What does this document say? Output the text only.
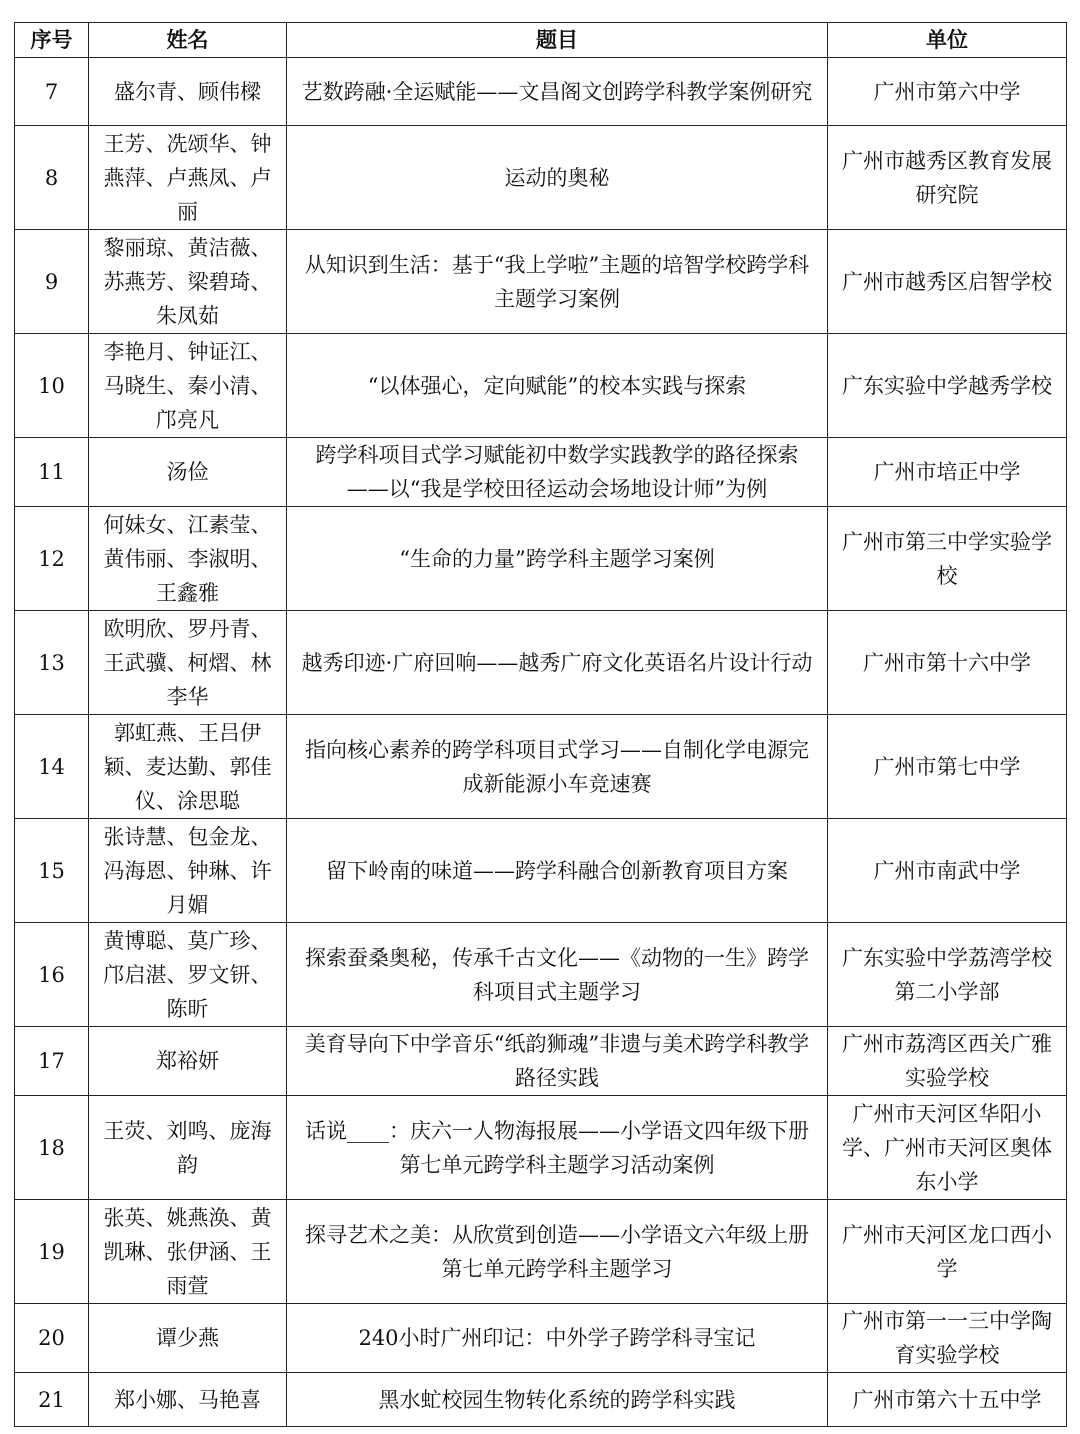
序号	姓名	题目	单位
7	盛尔青、顾伟樑	艺数跨融·全运赋能——文昌阁文创跨学科教学案例研究	广州市第六中学
8	王芳、冼颂华、钟燕萍、卢燕凤、卢丽	运动的奥秘	广州市越秀区教育发展研究院
9	黎丽琼、黄洁薇、苏燕芳、梁碧琦、朱凤茹	从知识到生活：基于“我上学啦”主题的培智学校跨学科主题学习案例	广州市越秀区启智学校
10	李艳月、钟证江、马晓生、秦小清、邝亮凡	“以体强心，定向赋能”的校本实践与探索	广东实验中学越秀学校
11	汤俭	跨学科项目式学习赋能初中数学实践教学的路径探索——以“我是学校田径运动会场地设计师”为例	广州市培正中学
12	何妹女、江素莹、黄伟丽、李淑明、王鑫雅	“生命的力量”跨学科主题学习案例	广州市第三中学实验学校
13	欧明欣、罗丹青、王武骥、柯熠、林李华	越秀印迹·广府回响——越秀广府文化英语名片设计行动	广州市第十六中学
14	郭虹燕、王吕伊颖、麦达勤、郭佳仪、涂思聪	指向核心素养的跨学科项目式学习——自制化学电源完成新能源小车竞速赛	广州市第七中学
15	张诗慧、包金龙、冯海恩、钟琳、许月媚	留下岭南的味道——跨学科融合创新教育项目方案	广州市南武中学
16	黄博聪、莫广珍、邝启湛、罗文钘、陈昕	探索蚕桑奥秘，传承千古文化——《动物的一生》跨学科项目式主题学习	广东实验中学荔湾学校第二小学部
17	郑裕妍	美育导向下中学音乐“纸韵狮魂”非遗与美术跨学科教学路径实践	广州市荔湾区西关广雅实验学校
18	王荧、刘鸣、庞海韵	话说____：庆六一人物海报展——小学语文四年级下册第七单元跨学科主题学习活动案例	广州市天河区华阳小学、广州市天河区奥体东小学
19	张英、姚燕涣、黄凯琳、张伊涵、王雨萱	探寻艺术之美：从欣赏到创造——小学语文六年级上册第七单元跨学科主题学习	广州市天河区龙口西小学
20	谭少燕	240小时广州印记：中外学子跨学科寻宝记	广州市第一一三中学陶育实验学校
21	郑小娜、马艳喜	黑水虻校园生物转化系统的跨学科实践	广州市第六十五中学
